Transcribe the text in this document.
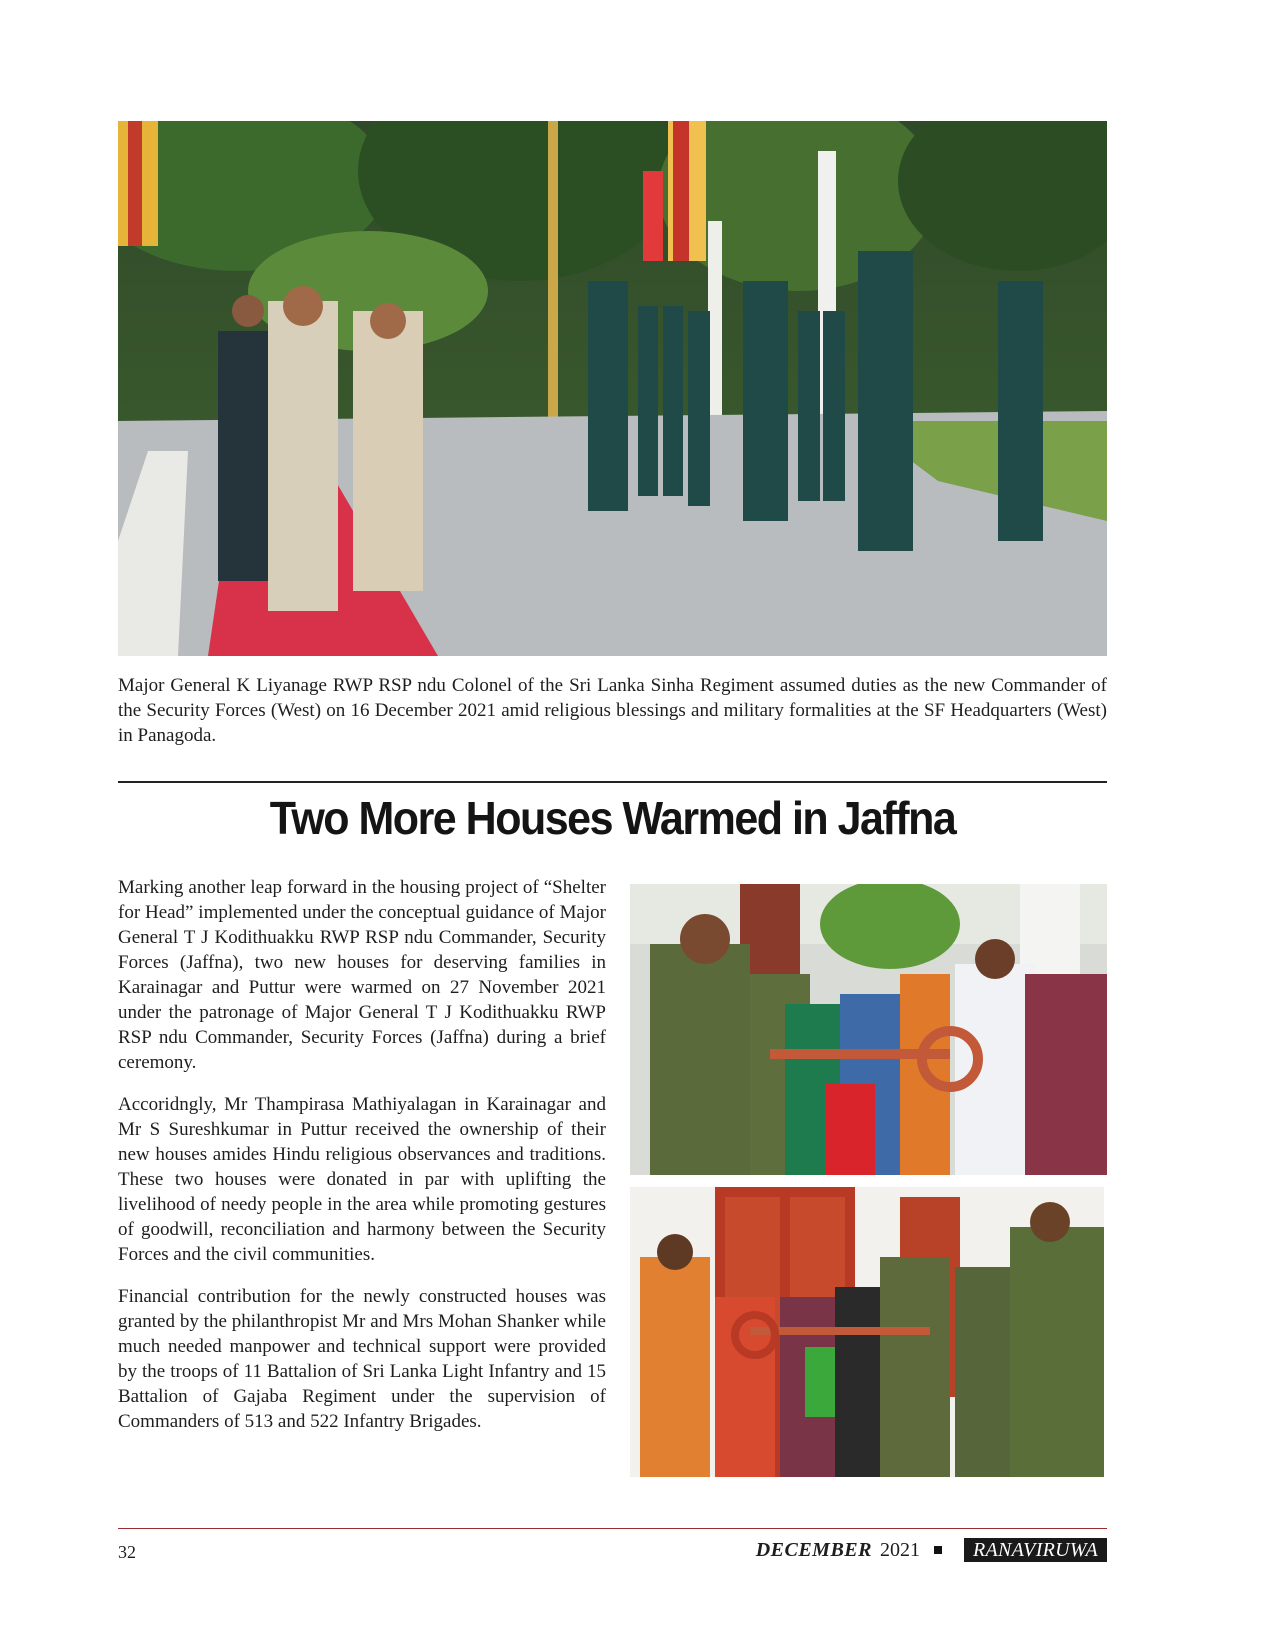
Major General K Liyanage RWP RSP ndu Colonel of the Sri Lanka Sinha Regiment assumed duties as the new Commander of the Security Forces (West) on 16 December 2021 amid religious blessings and military formalities at the SF Headquarters (West) in Panagoda.
Two More Houses Warmed in Jaffna

Marking another leap forward in the housing project of “Shelter for Head” implemented under the conceptual guidance of Major General T J Kodithuakku RWP RSP ndu Commander, Security Forces (Jaffna), two new houses for deserving families in Karainagar and Puttur were warmed on 27 November 2021 under the patronage of Major General T J Kodithuakku RWP RSP ndu Commander, Security Forces (Jaffna) during a brief ceremony.

Accoridngly, Mr Thampirasa Mathiyalagan in Karainagar and Mr S Sureshkumar in Puttur received the ownership of their new houses amides Hindu religious observances and traditions. These two houses were donated in par with uplifting the livelihood of needy people in the area while promoting gestures of goodwill, reconciliation and harmony between the Security Forces and the civil communities.

Financial contribution for the newly constructed houses was granted by the philanthropist Mr and Mrs Mohan Shanker while much needed manpower and technical support were provided by the troops of 11 Battalion of Sri Lanka Light Infantry and 15 Battalion of Gajaba Regiment under the supervision of Commanders of 513 and 522 Infantry Brigades.

32	DECEMBER 2021	RANAVIRUWA
